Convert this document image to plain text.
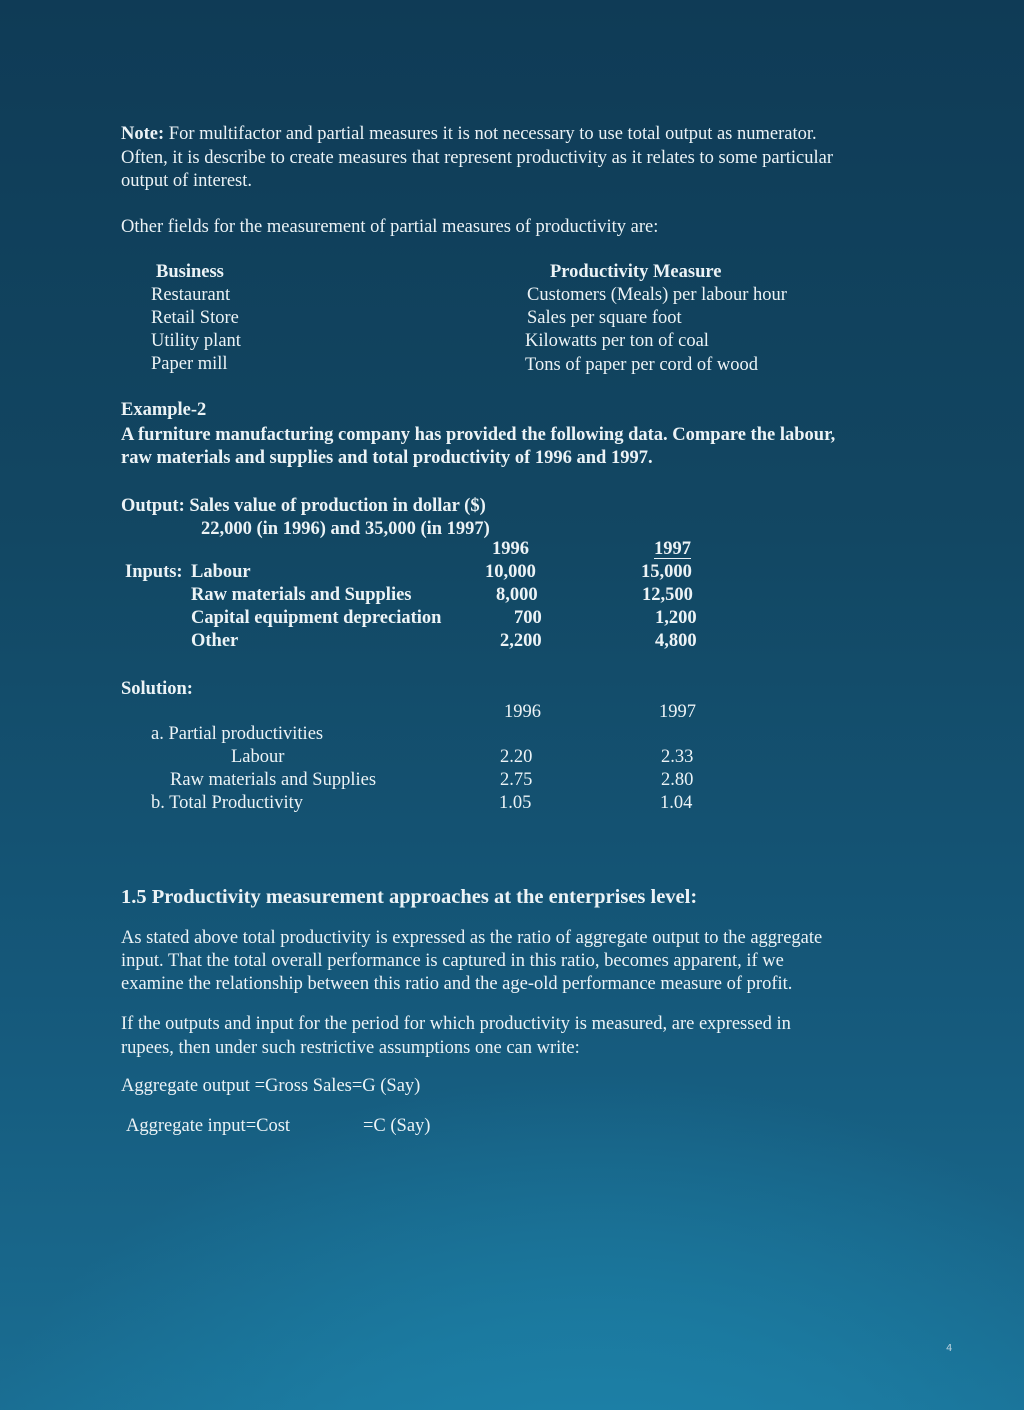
Note: For multifactor and partial measures it is not necessary to use total output as numerator.
Often, it is describe to create measures that represent productivity as it relates to some particular
output of interest.
Other fields for the measurement of partial measures of productivity are:
Business	Productivity Measure
Restaurant	Customers (Meals) per labour hour
Retail Store	Sales per square foot
Utility plant	Kilowatts per ton of coal
Paper mill	Tons of paper per cord of wood
Example-2
A furniture manufacturing company has provided the following data. Compare the labour,
raw materials and supplies and total productivity of 1996 and 1997.
Output: Sales value of production in dollar ($)
22,000 (in 1996) and 35,000 (in 1997)
1996	1997
Inputs: Labour	10,000	15,000
Raw materials and Supplies	8,000	12,500
Capital equipment depreciation	700	1,200
Other	2,200	4,800
Solution:
1996	1997
a. Partial productivities
Labour	2.20	2.33
Raw materials and Supplies	2.75	2.80
b. Total Productivity	1.05	1.04
1.5 Productivity measurement approaches at the enterprises level:
As stated above total productivity is expressed as the ratio of aggregate output to the aggregate
input. That the total overall performance is captured in this ratio, becomes apparent, if we
examine the relationship between this ratio and the age-old performance measure of profit.
If the outputs and input for the period for which productivity is measured, are expressed in
rupees, then under such restrictive assumptions one can write:
Aggregate output =Gross Sales=G (Say)
Aggregate input=Cost	=C (Say)
4
